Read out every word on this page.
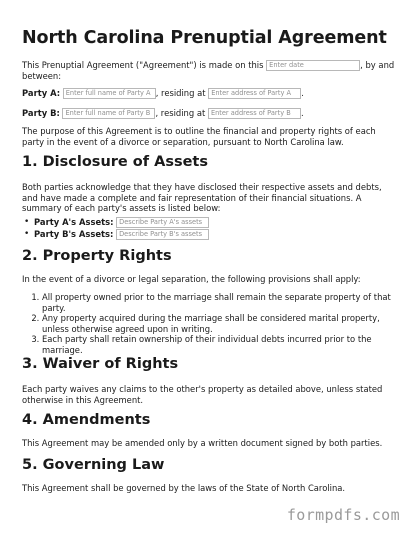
North Carolina Prenuptial Agreement
This Prenuptial Agreement ("Agreement") is made on this Enter date	, by and between:
Party A: Enter full name of Party A , residing at Enter address of Party A .
Party B: Enter full name of Party B , residing at Enter address of Party B .
The purpose of this Agreement is to outline the financial and property rights of each party in the event of a divorce or separation, pursuant to North Carolina law.
1. Disclosure of Assets
Both parties acknowledge that they have disclosed their respective assets and debts, and have made a complete and fair representation of their financial situations. A summary of each party's assets is listed below:
• Party A's Assets: Describe Party A's assets
• Party B's Assets: Describe Party B's assets
2. Property Rights
In the event of a divorce or legal separation, the following provisions shall apply:
1. All property owned prior to the marriage shall remain the separate property of that party.
2. Any property acquired during the marriage shall be considered marital property, unless otherwise agreed upon in writing.
3. Each party shall retain ownership of their individual debts incurred prior to the marriage.
3. Waiver of Rights
Each party waives any claims to the other's property as detailed above, unless stated otherwise in this Agreement.
4. Amendments
This Agreement may be amended only by a written document signed by both parties.
5. Governing Law
This Agreement shall be governed by the laws of the State of North Carolina.
formpdfs.com
